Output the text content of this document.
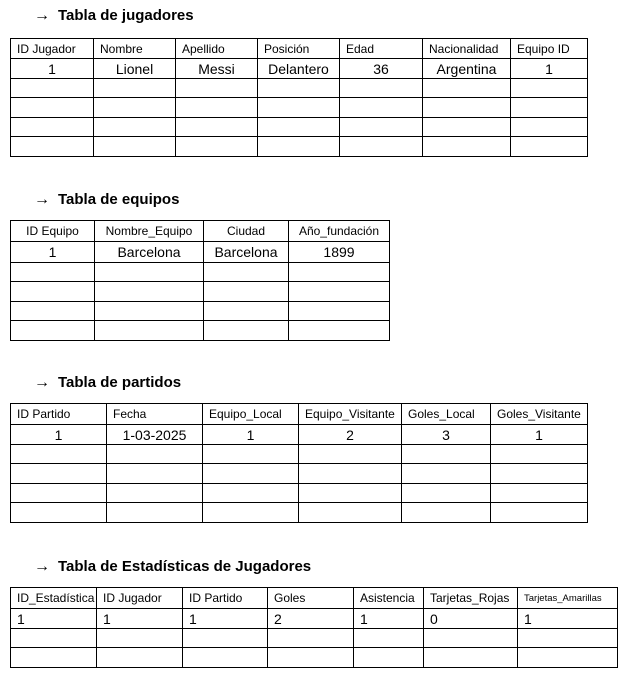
→ Tabla de jugadores
ID Jugador	Nombre	Apellido	Posición	Edad	Nacionalidad	Equipo ID
1	Lionel	Messi	Delantero	36	Argentina	1

→ Tabla de equipos
ID Equipo	Nombre_Equipo	Ciudad	Año_fundación
1	Barcelona	Barcelona	1899

→ Tabla de partidos
ID Partido	Fecha	Equipo_Local	Equipo_Visitante	Goles_Local	Goles_Visitante
1	1-03-2025	1	2	3	1

→ Tabla de Estadísticas de Jugadores
ID_Estadística	ID Jugador	ID Partido	Goles	Asistencia	Tarjetas_Rojas	Tarjetas_Amarillas
1	1	1	2	1	0	1
